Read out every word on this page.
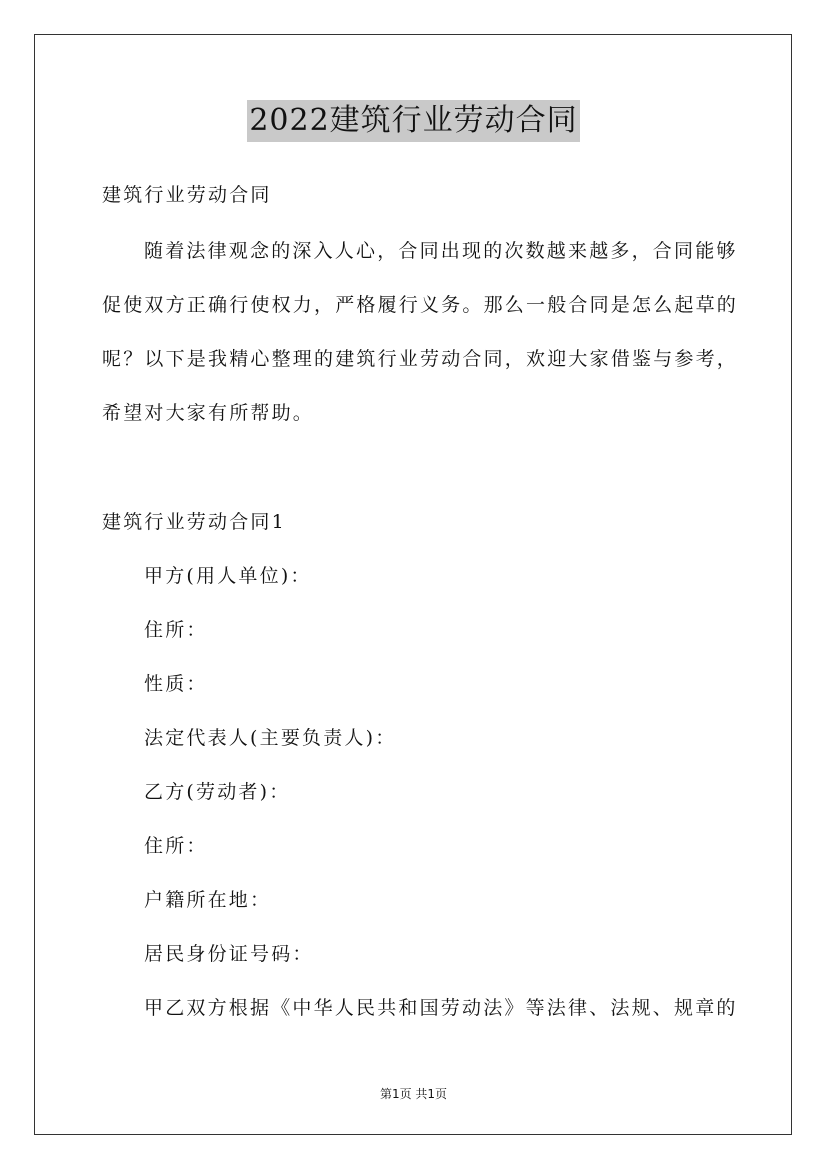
2022建筑行业劳动合同
建筑行业劳动合同
随着法律观念的深入人心，合同出现的次数越来越多，合同能够
促使双方正确行使权力，严格履行义务。那么一般合同是怎么起草的
呢？以下是我精心整理的建筑行业劳动合同，欢迎大家借鉴与参考，
希望对大家有所帮助。
建筑行业劳动合同1
甲方(用人单位)：
住所：
性质：
法定代表人(主要负责人)：
乙方(劳动者)：
住所：
户籍所在地：
居民身份证号码：
甲乙双方根据《中华人民共和国劳动法》等法律、法规、规章的
第1页 共1页
